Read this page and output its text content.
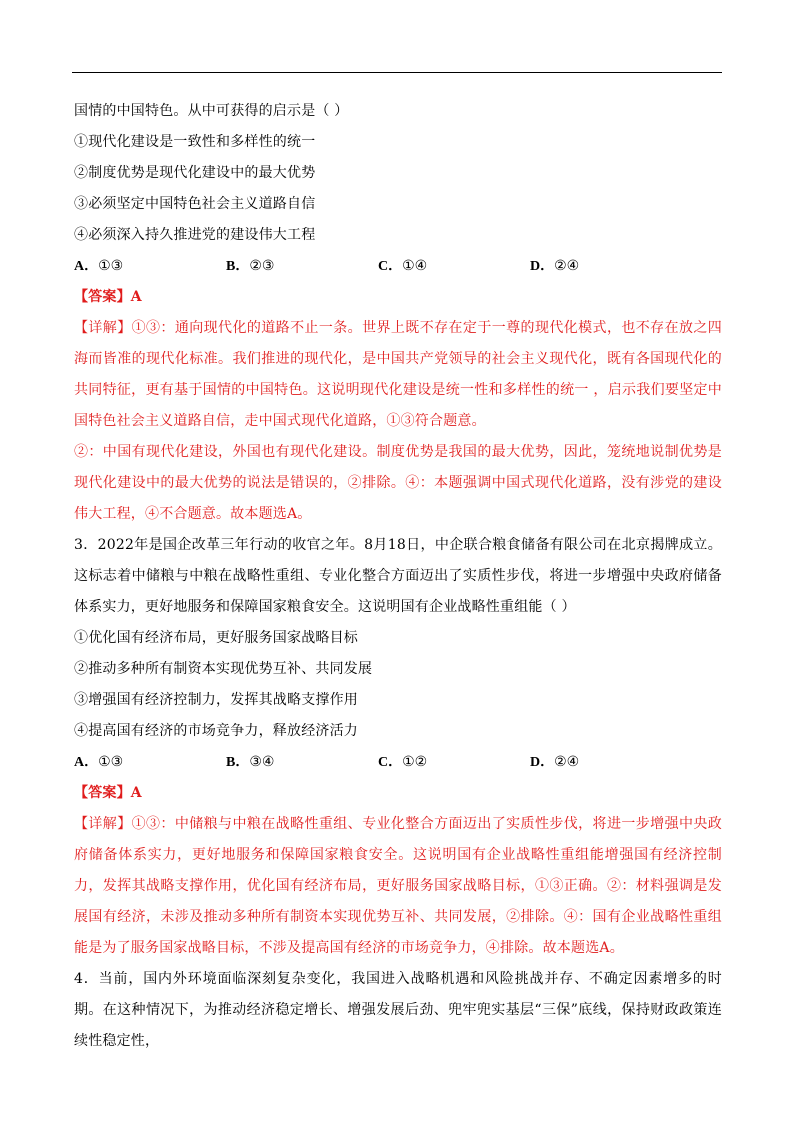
国情的中国特色。从中可获得的启示是（ ）
①现代化建设是一致性和多样性的统一
②制度优势是现代化建设中的最大优势
③必须坚定中国特色社会主义道路自信
④必须深入持久推进党的建设伟大工程
A．①③	B．②③	C．①④	D．②④
【答案】A
【详解】①③：通向现代化的道路不止一条。世界上既不存在定于一尊的现代化模式，也不存在放之四海而皆准的现代化标准。我们推进的现代化，是中国共产党领导的社会主义现代化，既有各国现代化的共同特征，更有基于国情的中国特色。这说明现代化建设是统一性和多样性的统一 ，启示我们要坚定中国特色社会主义道路自信，走中国式现代化道路，①③符合题意。
②：中国有现代化建设，外国也有现代化建设。制度优势是我国的最大优势，因此，笼统地说制优势是现代化建设中的最大优势的说法是错误的，②排除。④：本题强调中国式现代化道路，没有涉党的建设伟大工程，④不合题意。故本题选A。
3．2022年是国企改革三年行动的收官之年。8月18日，中企联合粮食储备有限公司在北京揭牌成立。这标志着中储粮与中粮在战略性重组、专业化整合方面迈出了实质性步伐，将进一步增强中央政府储备体系实力，更好地服务和保障国家粮食安全。这说明国有企业战略性重组能（ ）
①优化国有经济布局，更好服务国家战略目标
②推动多种所有制资本实现优势互补、共同发展
③增强国有经济控制力，发挥其战略支撑作用
④提高国有经济的市场竞争力，释放经济活力
A．①③	B．③④	C．①②	D．②④
【答案】A
【详解】①③：中储粮与中粮在战略性重组、专业化整合方面迈出了实质性步伐，将进一步增强中央政府储备体系实力，更好地服务和保障国家粮食安全。这说明国有企业战略性重组能增强国有经济控制力，发挥其战略支撑作用，优化国有经济布局，更好服务国家战略目标，①③正确。②：材料强调是发展国有经济，未涉及推动多种所有制资本实现优势互补、共同发展，②排除。④：国有企业战略性重组能是为了服务国家战略目标，不涉及提高国有经济的市场竞争力，④排除。故本题选A。
4．当前，国内外环境面临深刻复杂变化，我国进入战略机遇和风险挑战并存、不确定因素增多的时期。在这种情况下，为推动经济稳定增长、增强发展后劲、兜牢兜实基层“三保”底线，保持财政政策连续性稳定性，
